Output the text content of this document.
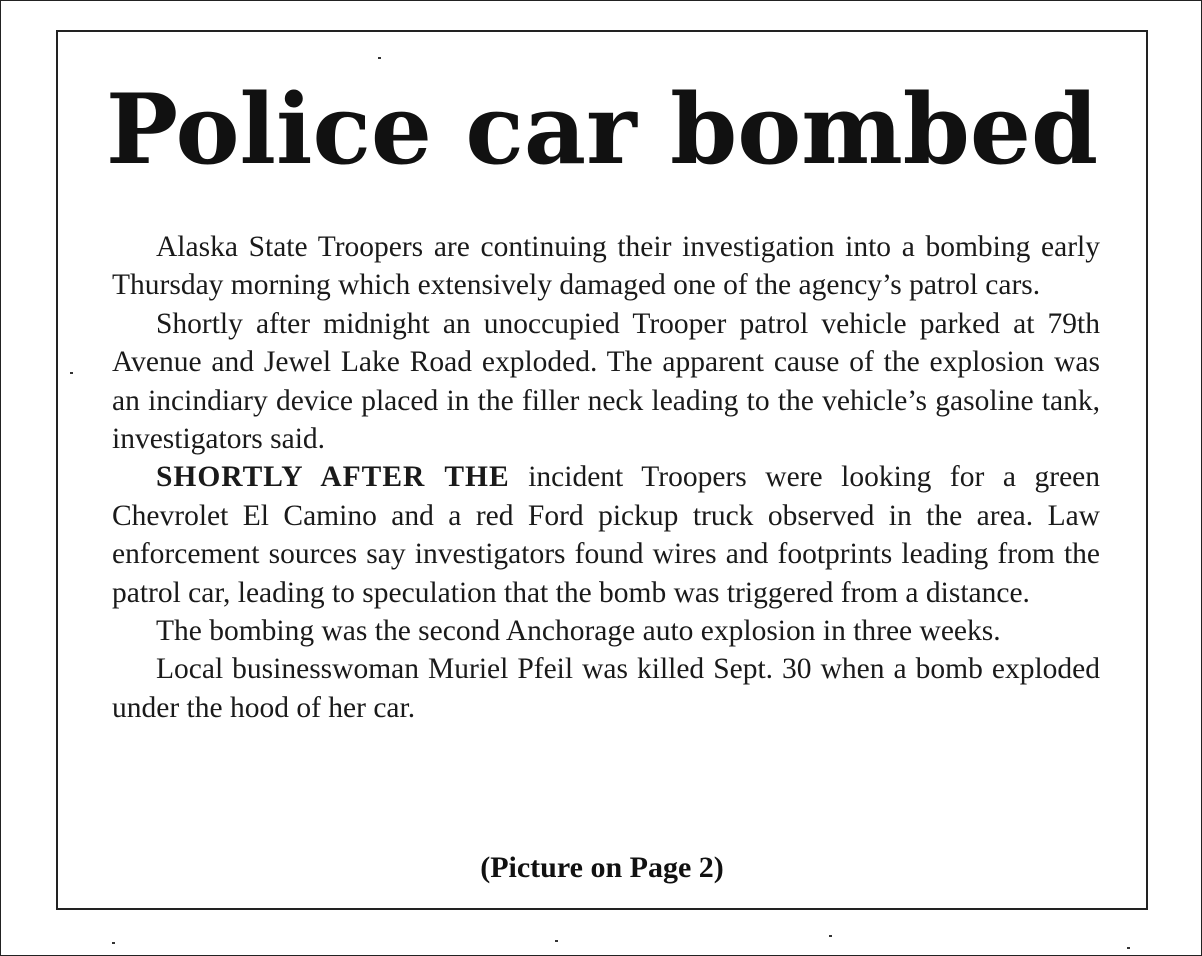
Police car bombed

Alaska State Troopers are continuing their investigation into a bombing early Thursday morning which extensively damaged one of the agency’s patrol cars.

Shortly after midnight an unoccupied Trooper patrol vehicle parked at 79th Avenue and Jewel Lake Road exploded. The apparent cause of the explosion was an incindiary device placed in the filler neck leading to the vehicle’s gasoline tank, investigators said.

SHORTLY AFTER THE incident Troopers were looking for a green Chevrolet El Camino and a red Ford pickup truck observed in the area. Law enforcement sources say investigators found wires and footprints leading from the patrol car, leading to speculation that the bomb was triggered from a distance.

The bombing was the second Anchorage auto explosion in three weeks.

Local businesswoman Muriel Pfeil was killed Sept. 30 when a bomb exploded under the hood of her car.

(Picture on Page 2)
